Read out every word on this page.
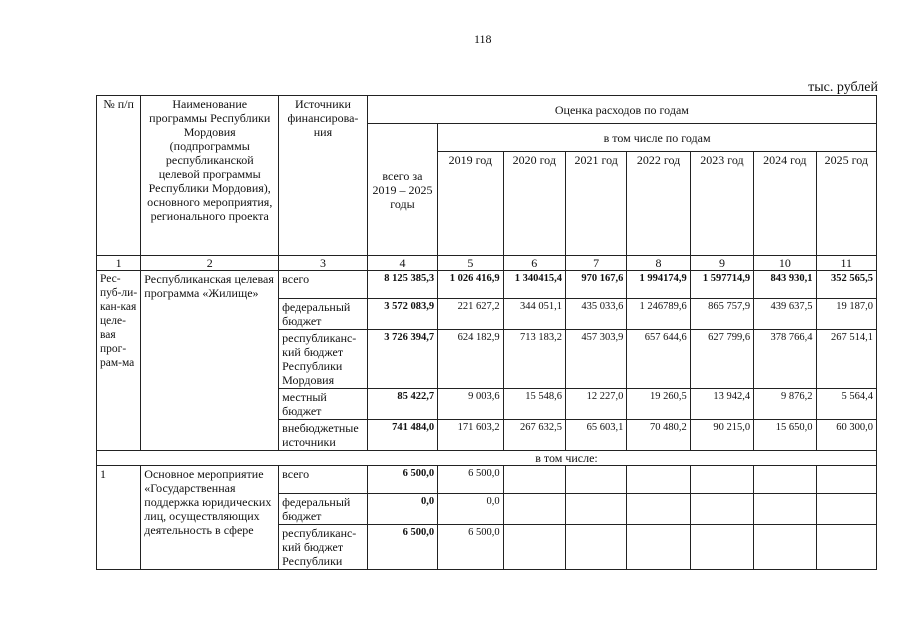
118
тыс. рублей
№ п/п	Наименование программы Республики Мордовия (подпрограммы республиканской целевой программы Республики Мордовия), основного мероприятия, регионального проекта	Источники финансирова-ния	Оценка расходов по годам							
			всего за 2019 – 2025 годы	в том числе по годам						
				2019 год	2020 год	2021 год	2022 год	2023 год	2024 год	2025 год
1	2	3	4	5	6	7	8	9	10	11
Рес-пуб-ли-кан-кая целе-вая прог-рам-ма	Республиканская целевая программа «Жилище»	всего	8 125 385,3	1 026 416,9	1 340415,4	970 167,6	1 994174,9	1 597714,9	843 930,1	352 565,5
		федеральный бюджет	3 572 083,9	221 627,2	344 051,1	435 033,6	1 246789,6	865 757,9	439 637,5	19 187,0
		республиканс-кий бюджет Республики Мордовия	3 726 394,7	624 182,9	713 183,2	457 303,9	657 644,6	627 799,6	378 766,4	267 514,1
		местный бюджет	85 422,7	9 003,6	15 548,6	12 227,0	19 260,5	13 942,4	9 876,2	5 564,4
		внебюджетные источники	741 484,0	171 603,2	267 632,5	65 603,1	70 480,2	90 215,0	15 650,0	60 300,0
в том числе:										
1	Основное мероприятие «Государственная поддержка юридических лиц, осуществляющих деятельность в сфере	всего	6 500,0	6 500,0						
		федеральный бюджет	0,0	0,0						
		республиканс-кий бюджет Республики	6 500,0	6 500,0						
